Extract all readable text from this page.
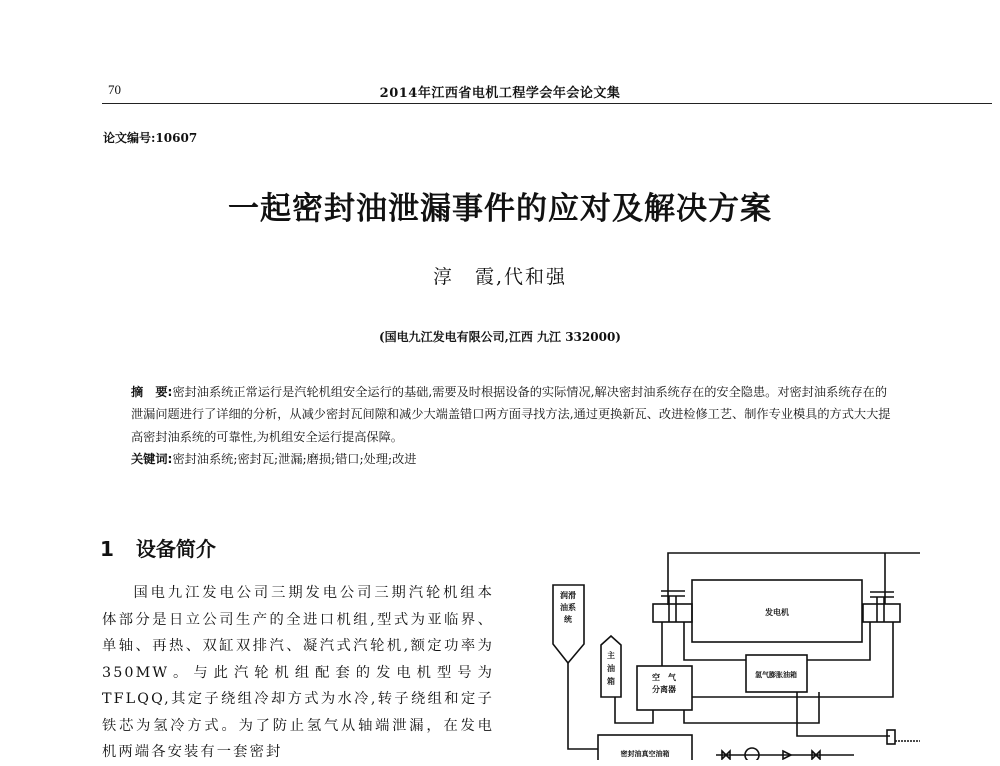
70	2014年江西省电机工程学会年会论文集
论文编号:10607
一起密封油泄漏事件的应对及解决方案
淳　霞,代和强
(国电九江发电有限公司,江西 九江 332000)
摘　要:密封油系统正常运行是汽轮机组安全运行的基础,需要及时根据设备的实际情况,解决密封油系统存在的安全隐患。对密封油系统存在的泄漏问题进行了详细的分析，从减少密封瓦间隙和减少大端盖错口两方面寻找方法,通过更换新瓦、改进检修工艺、制作专业模具的方式大大提高密封油系统的可靠性,为机组安全运行提高保障。
关键词:密封油系统;密封瓦;泄漏;磨损;错口;处理;改进
1 设备简介

国电九江发电公司三期发电公司三期汽轮机组本体部分是日立公司生产的全进口机组,型式为亚临界、单轴、再热、双缸双排汽、凝汽式汽轮机,额定功率为350MW。与此汽轮机组配套的发电机型号为TFLQQ,其定子绕组冷却方式为水冷,转子绕组和定子铁芯为氢冷方式。为了防止氢气从轴端泄漏，在发电机两端各安装有一套密封

发电机
润滑
油系
统
主
油
箱	空　气
分离器
氢气膨胀油箱
密封油真空油箱
